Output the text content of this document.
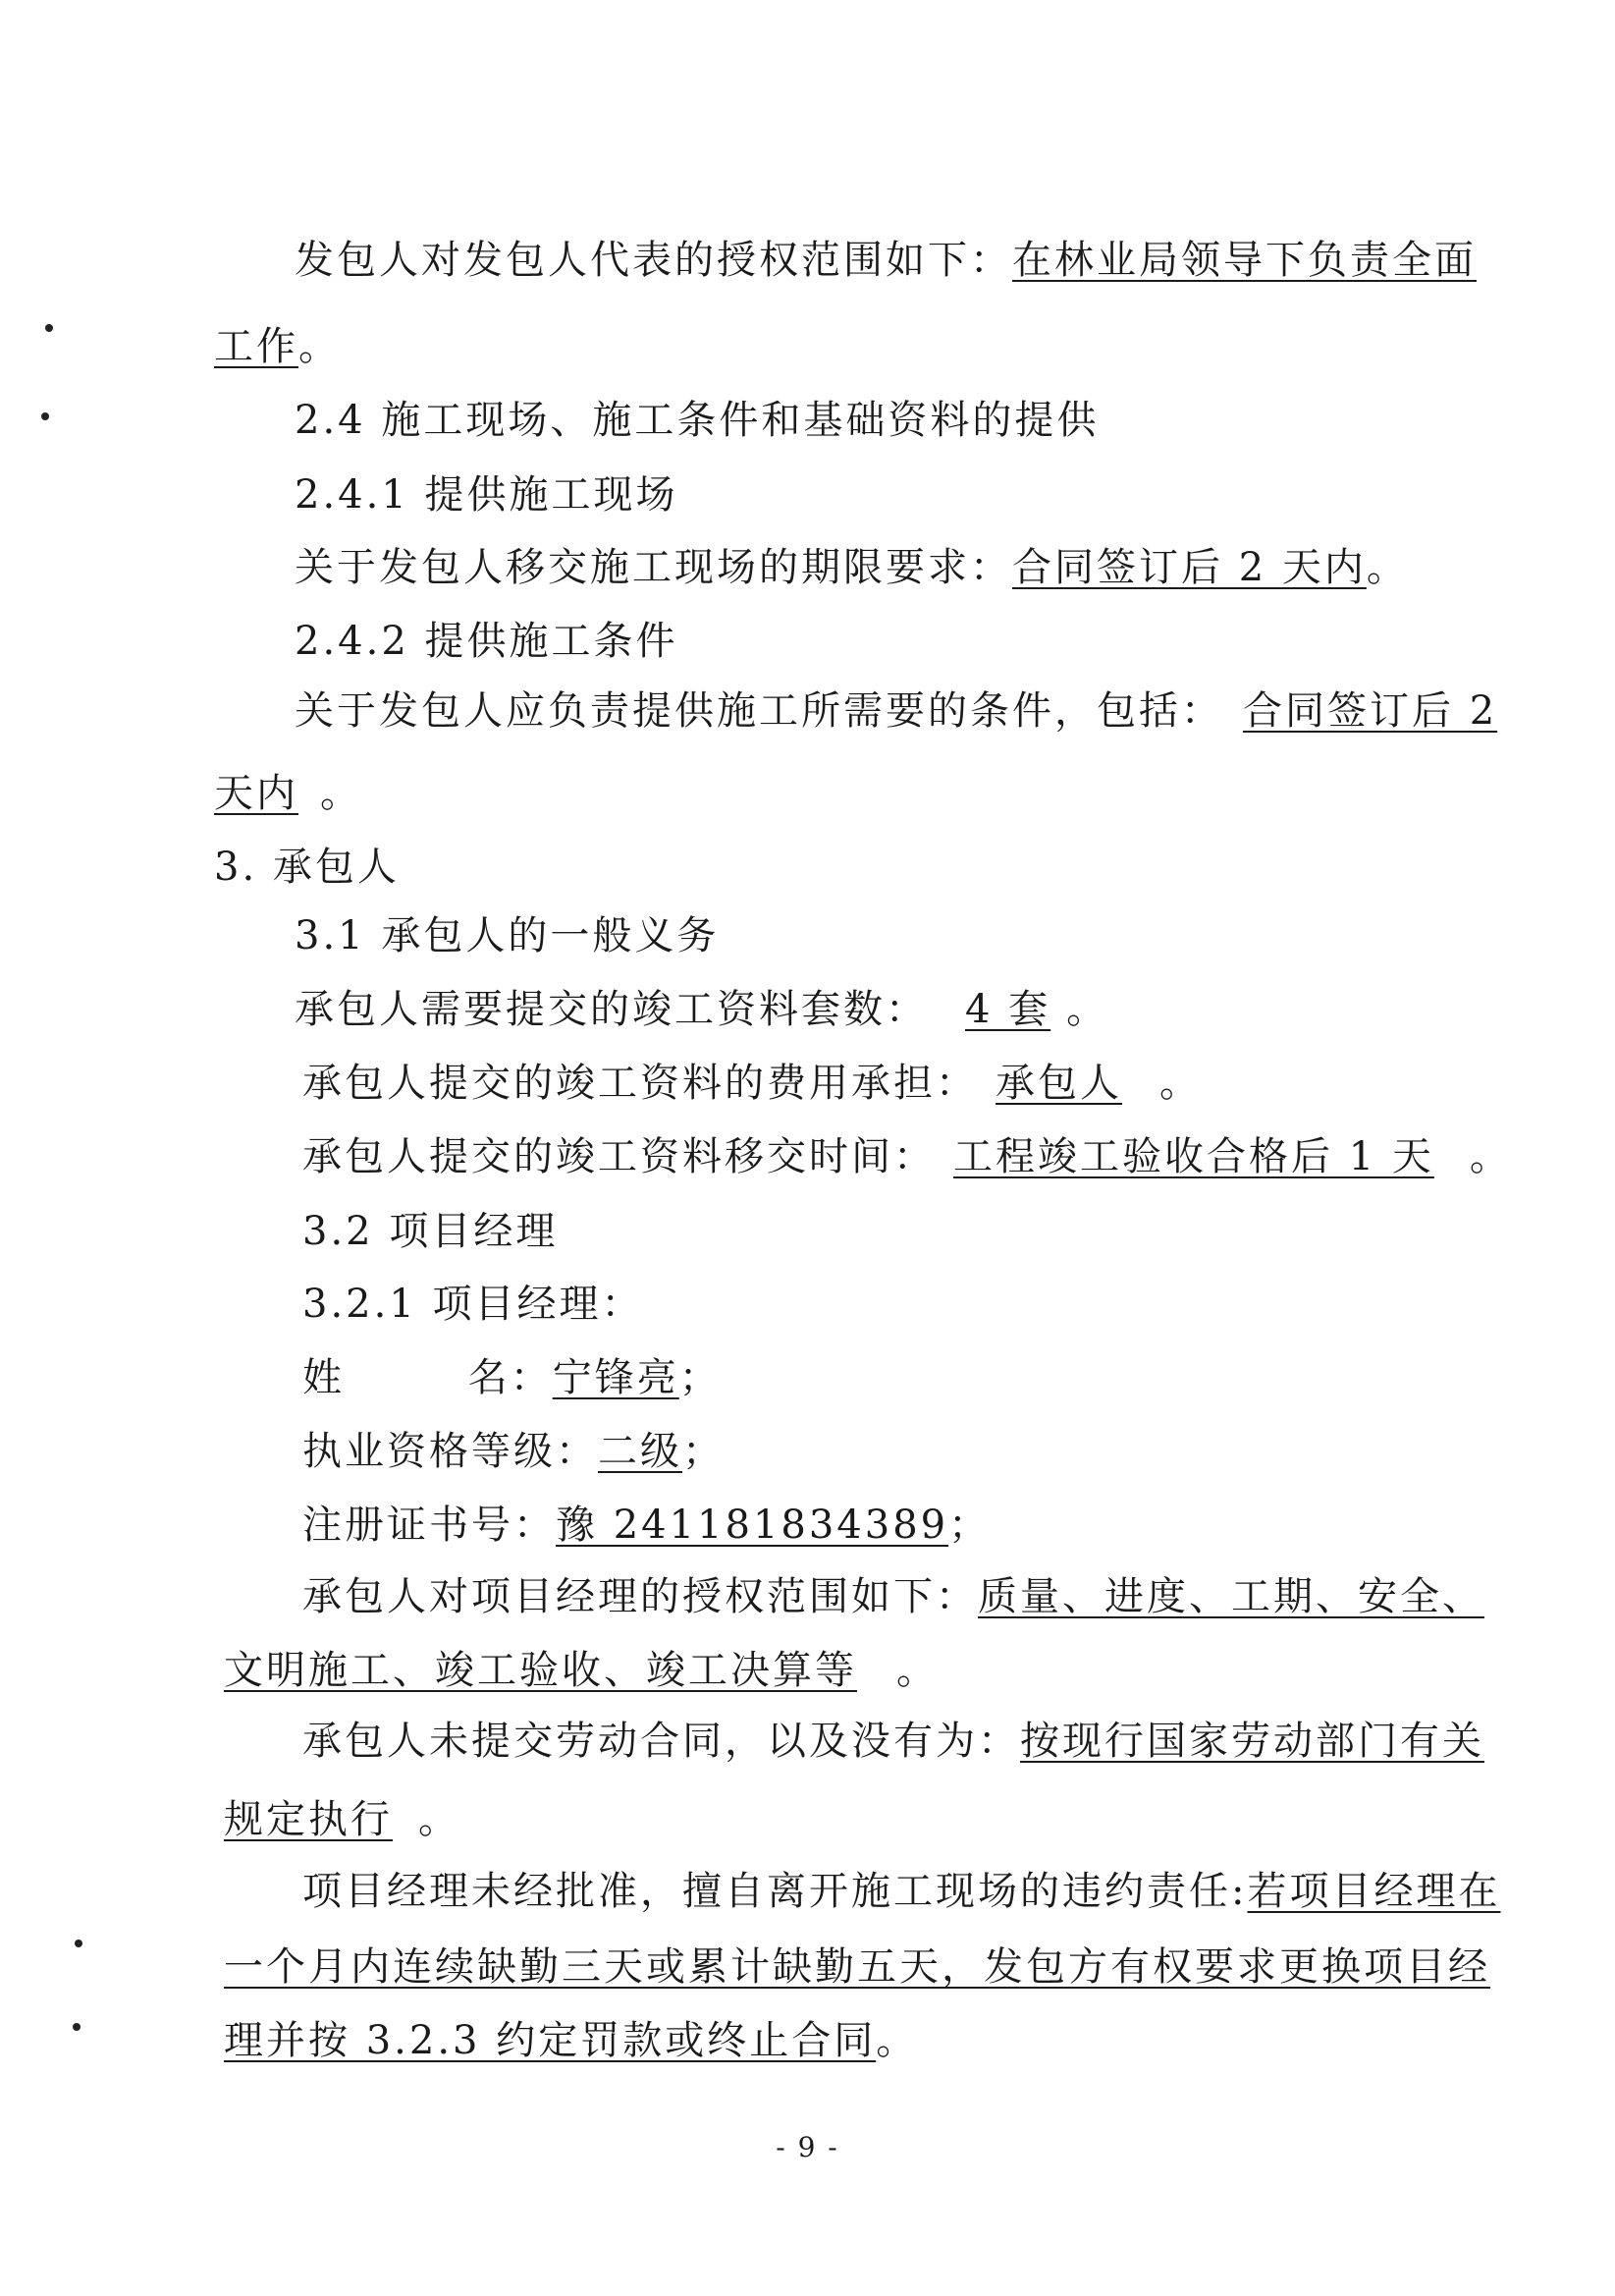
发包人对发包人代表的授权范围如下：在林业局领导下负责全面
工作。
2.4 施工现场、施工条件和基础资料的提供
2.4.1 提供施工现场
关于发包人移交施工现场的期限要求：合同签订后 2 天内。
2.4.2 提供施工条件
关于发包人应负责提供施工所需要的条件，包括： 合同签订后 2
天内 。
3. 承包人
3.1 承包人的一般义务
承包人需要提交的竣工资料套数： 4 套 。
承包人提交的竣工资料的费用承担： 承包人 。
承包人提交的竣工资料移交时间： 工程竣工验收合格后 1 天 。
3.2 项目经理
3.2.1 项目经理：
姓        名：宁锋亮；
执业资格等级：二级；
注册证书号：豫 241181834389；
承包人对项目经理的授权范围如下：质量、进度、工期、安全、
文明施工、竣工验收、竣工决算等 。
承包人未提交劳动合同，以及没有为：按现行国家劳动部门有关
规定执行 。
项目经理未经批准，擅自离开施工现场的违约责任:若项目经理在
一个月内连续缺勤三天或累计缺勤五天，发包方有权要求更换项目经
理并按 3.2.3 约定罚款或终止合同。
- 9 -
